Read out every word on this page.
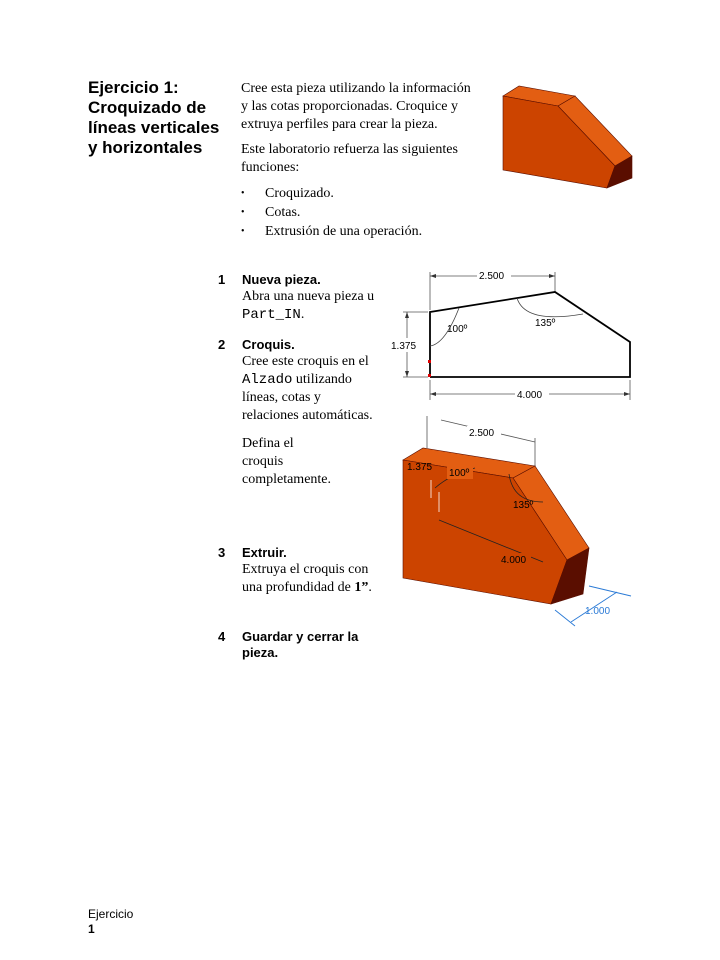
Ejercicio 1: Croquizado de líneas verticales y horizontales

Cree esta pieza utilizando la información y las cotas proporcionadas. Croquice y extruya perfiles para crear la pieza.

Este laboratorio refuerza las siguientes funciones:

• Croquizado.
• Cotas.
• Extrusión de una operación.
1 Nueva pieza.
Abra una nueva pieza u
Part_IN.
2.500
1.375
4.000
100º
135º
2 Croquis.
Cree este croquis en el Alzado utilizando líneas, cotas y relaciones automáticas.
Defina el croquis completamente.
2.500
1.375
100º
135º
4.000
1.000
3 Extruir.
Extruya el croquis con una profundidad de 1”.
4 Guardar y cerrar la pieza.
Ejercicio
1
